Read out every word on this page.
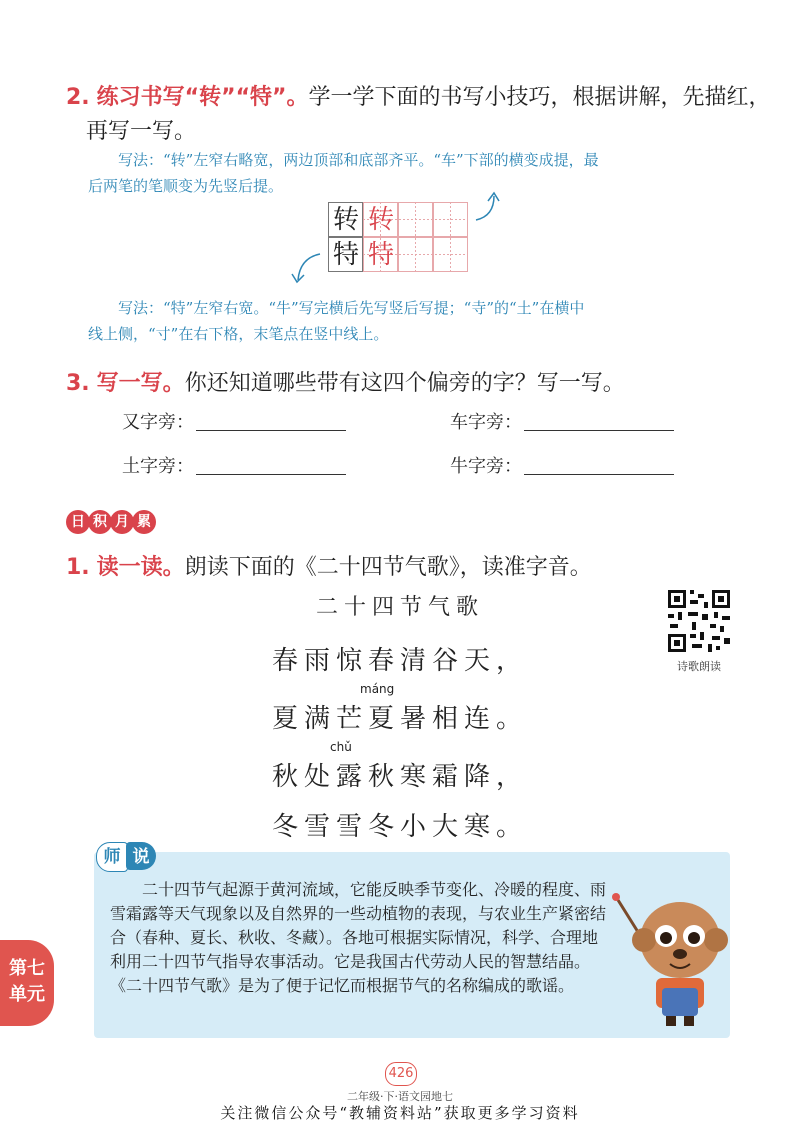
2. 练习书写“转”“特”。学一学下面的书写小技巧，根据讲解，先描红，
再写一写。
写法：“转”左窄右略宽，两边顶部和底部齐平。“车”下部的横变成提，最
后两笔的笔顺变为先竖后提。
转 转
特 特
写法：“特”左窄右宽。“牛”写完横后先写竖后写提；“寺”的“土”在横中
线上侧，“寸”在右下格，末笔点在竖中线上。
3. 写一写。你还知道哪些带有这四个偏旁的字？写一写。
又字旁：	车字旁：
土字旁：	牛字旁：
日 积 月 累
1. 读一读。朗读下面的《二十四节气歌》，读准字音。
二十四节气歌
春雨惊春清谷天，
máng
夏满芒夏暑相连。
chǔ
秋处露秋寒霜降，
冬雪雪冬小大寒。
诗歌朗读
师 说
二十四节气起源于黄河流域，它能反映季节变化、冷暖的程度、雨雪霜露等天气现象以及自然界的一些动植物的表现，与农业生产紧密结合（春种、夏长、秋收、冬藏）。各地可根据实际情况，科学、合理地利用二十四节气指导农事活动。它是我国古代劳动人民的智慧结晶。《二十四节气歌》是为了便于记忆而根据节气的名称编成的歌谣。
第七
单元
426
二年级·下·语文园地七
关注微信公众号“教辅资料站”获取更多学习资料
